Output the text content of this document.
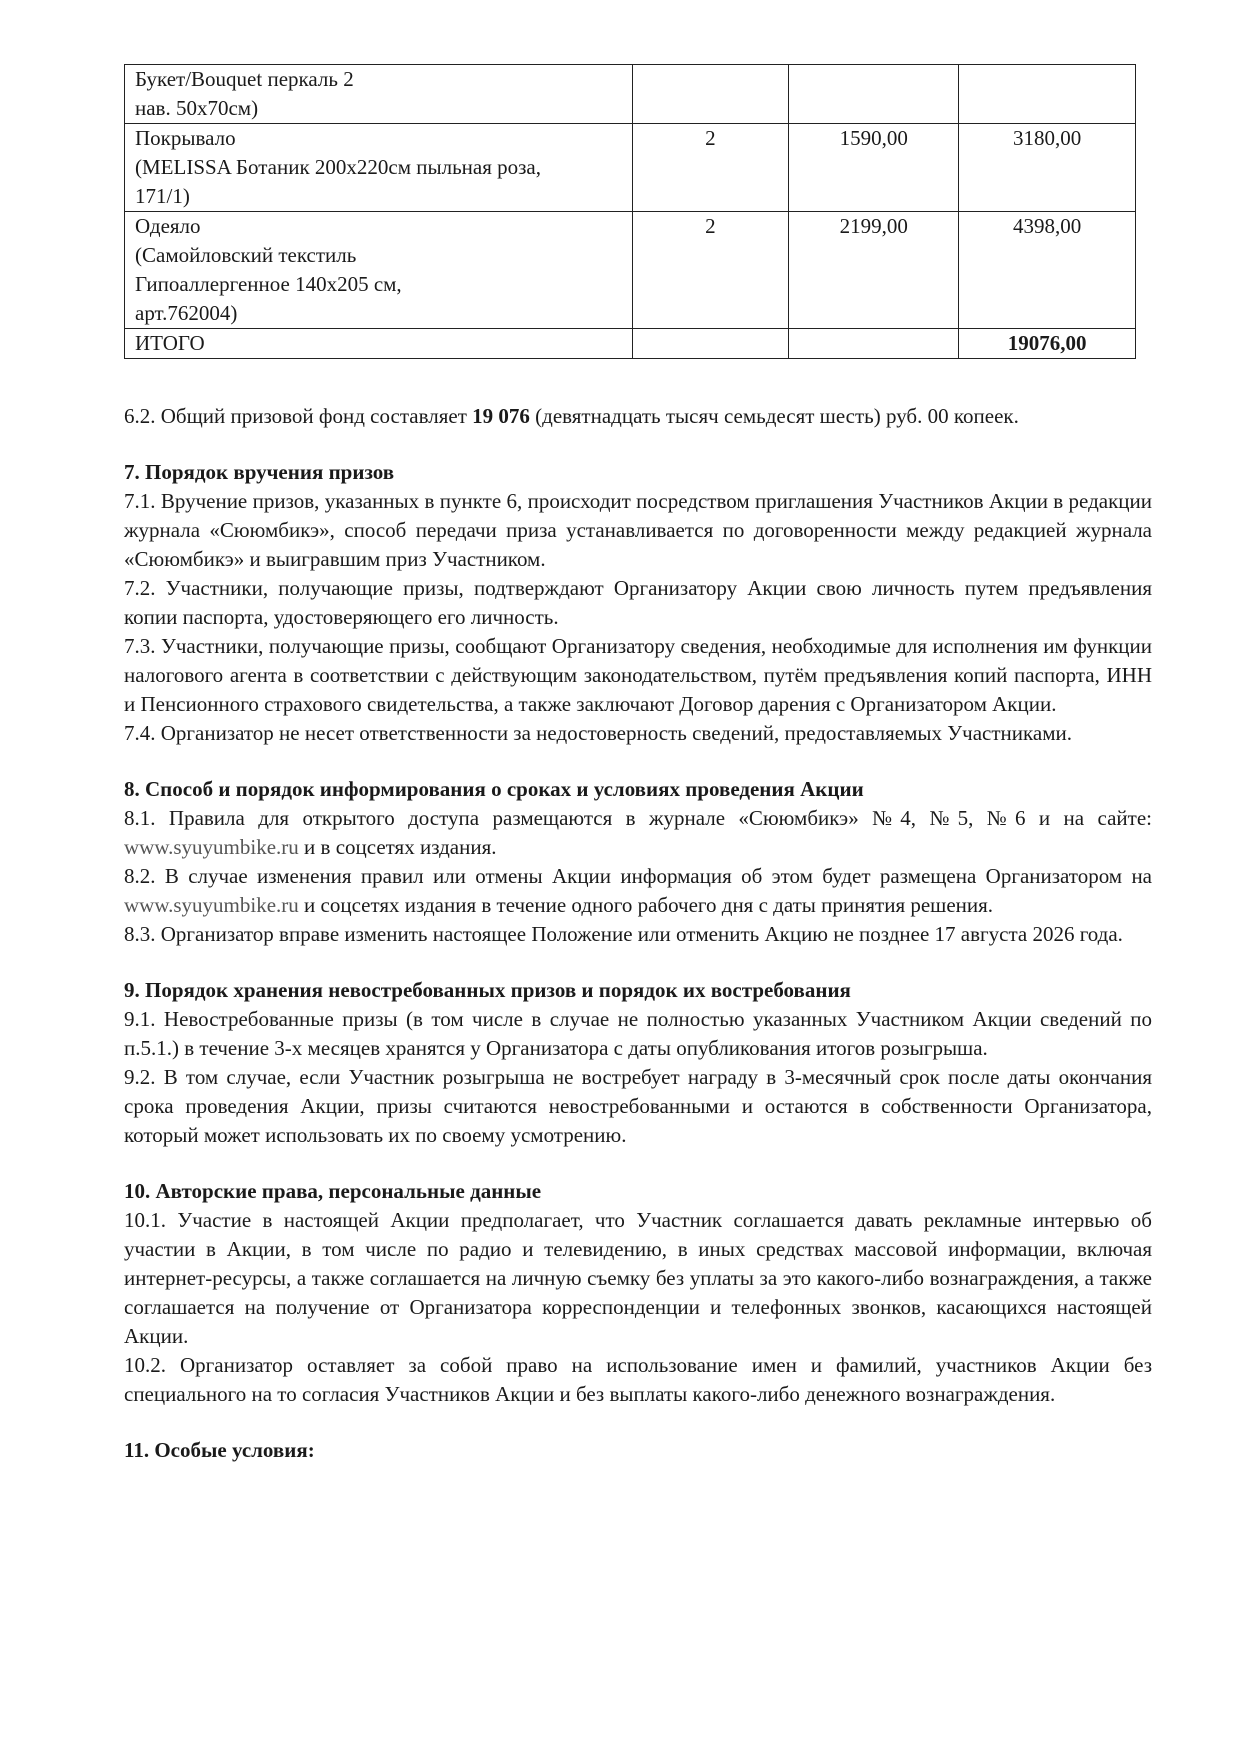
Букет/Bouquet перкаль 2
нав. 50x70см)			

Покрывало
(MELISSA Ботаник 200x220см пыльная роза,
171/1)	2	1590,00	3180,00

Одеяло
(Самойловский текстиль
Гипоаллергенное 140x205 см,
арт.762004)	2	2199,00	4398,00
ИТОГО			19076,00

6.2. Общий призовой фонд составляет 19 076 (девятнадцать тысяч семьдесят шесть) руб. 00 копеек.

7. Порядок вручения призов

7.1. Вручение призов, указанных в пункте 6, происходит посредством приглашения Участников Акции в редакции журнала «Сююмбикэ», способ передачи приза устанавливается по договоренности между редакцией журнала «Сююмбикэ» и выигравшим приз Участником.

7.2. Участники, получающие призы, подтверждают Организатору Акции свою личность путем предъявления копии паспорта, удостоверяющего его личность.

7.3. Участники, получающие призы, сообщают Организатору сведения, необходимые для исполнения им функции налогового агента в соответствии с действующим законодательством, путём предъявления копий паспорта, ИНН и Пенсионного страхового свидетельства, а также заключают Договор дарения с Организатором Акции.

7.4. Организатор не несет ответственности за недостоверность сведений, предоставляемых Участниками.

8. Способ и порядок информирования о сроках и условиях проведения Акции

8.1. Правила для открытого доступа размещаются в журнале «Сююмбикэ» №4, №5, №6 и на сайте: www.syuyumbike.ru и в соцсетях издания.

8.2. В случае изменения правил или отмены Акции информация об этом будет размещена Организатором на www.syuyumbike.ru и соцсетях издания в течение одного рабочего дня с даты принятия решения.

8.3. Организатор вправе изменить настоящее Положение или отменить Акцию не позднее 17 августа 2026 года.

9. Порядок хранения невостребованных призов и порядок их востребования

9.1. Невостребованные призы (в том числе в случае не полностью указанных Участником Акции сведений по п.5.1.) в течение 3-х месяцев хранятся у Организатора с даты опубликования итогов розыгрыша.

9.2. В том случае, если Участник розыгрыша не востребует награду в 3-месячный срок после даты окончания срока проведения Акции, призы считаются невостребованными и остаются в собственности Организатора, который может использовать их по своему усмотрению.

10. Авторские права, персональные данные

10.1. Участие в настоящей Акции предполагает, что Участник соглашается давать рекламные интервью об участии в Акции, в том числе по радио и телевидению, в иных средствах массовой информации, включая интернет-ресурсы, а также соглашается на личную съемку без уплаты за это какого-либо вознаграждения, а также соглашается на получение от Организатора корреспонденции и телефонных звонков, касающихся настоящей Акции.

10.2. Организатор оставляет за собой право на использование имен и фамилий, участников Акции без специального на то согласия Участников Акции и без выплаты какого-либо денежного вознаграждения.

11. Особые условия:
